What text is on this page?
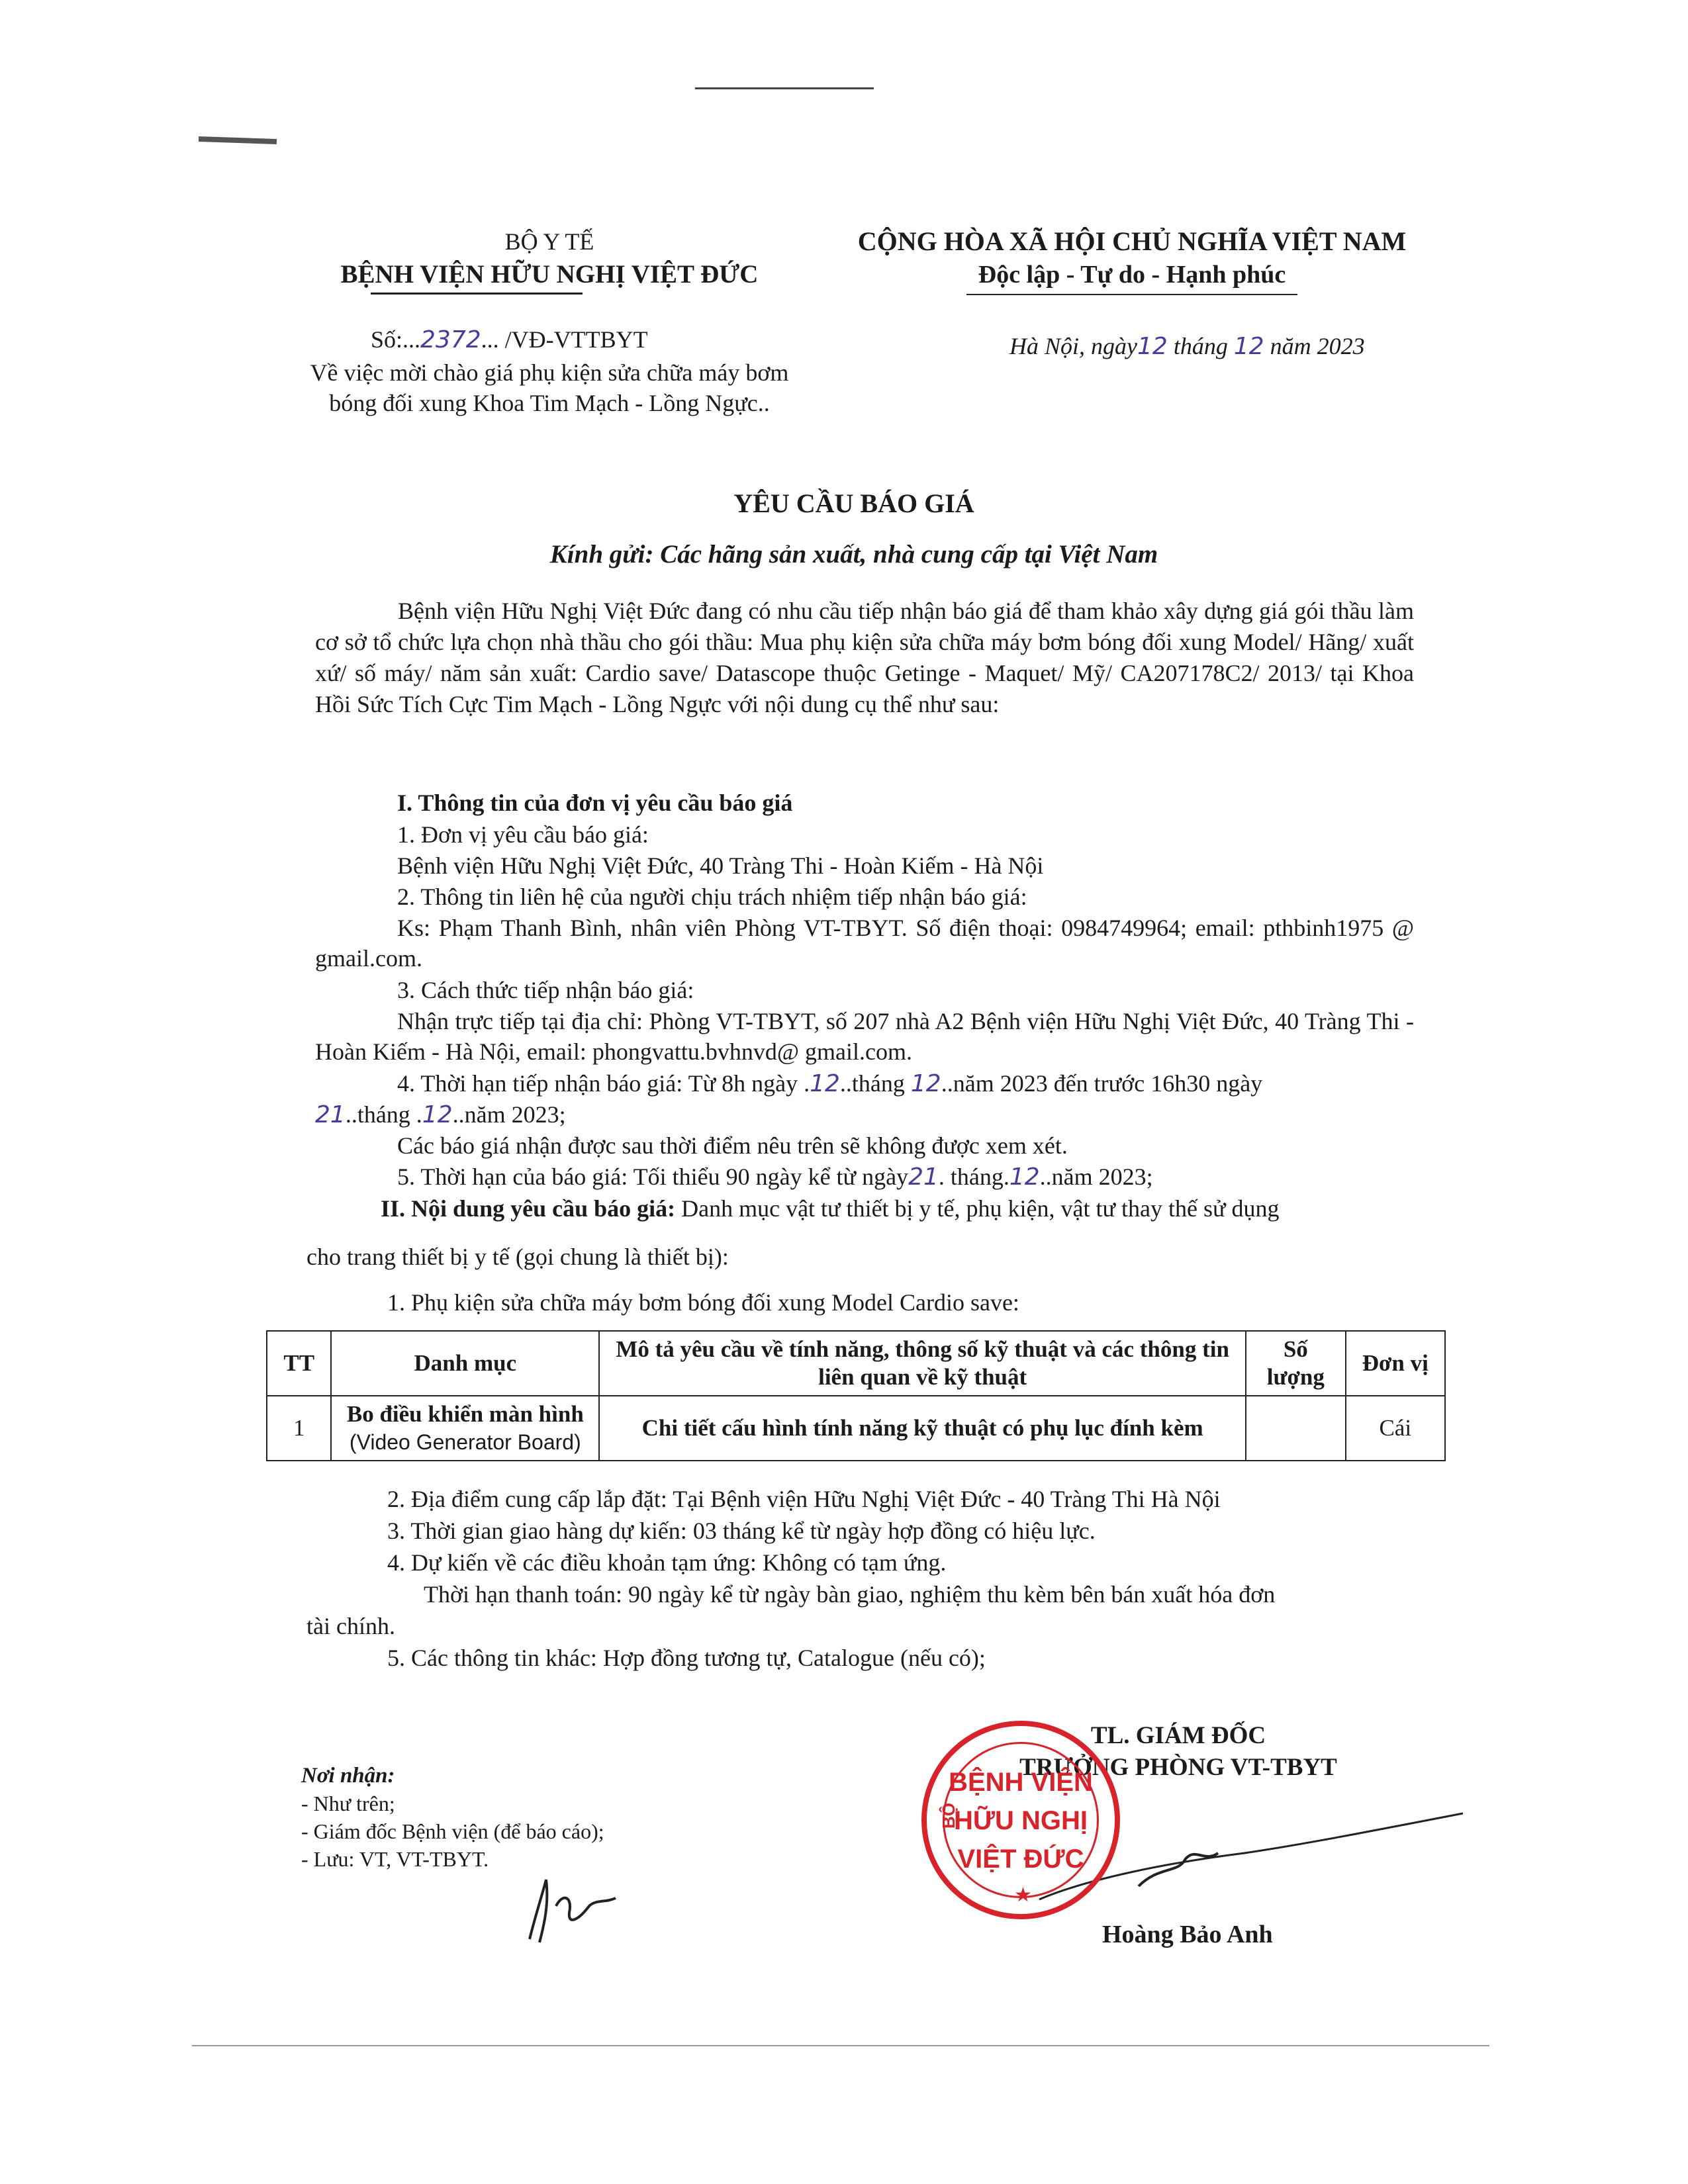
BỘ Y TẾ
BỆNH VIỆN HỮU NGHỊ VIỆT ĐỨC
Số:...2372... /VĐ-VTTBYT
Về việc mời chào giá phụ kiện sửa chữa máy bơm bóng đối xung Khoa Tim Mạch - Lồng Ngực..
CỘNG HÒA XÃ HỘI CHỦ NGHĨA VIỆT NAM
Độc lập - Tự do - Hạnh phúc
Hà Nội, ngày12 tháng 12 năm 2023
YÊU CẦU BÁO GIÁ
Kính gửi: Các hãng sản xuất, nhà cung cấp tại Việt Nam
Bệnh viện Hữu Nghị Việt Đức đang có nhu cầu tiếp nhận báo giá để tham khảo xây dựng giá gói thầu làm cơ sở tổ chức lựa chọn nhà thầu cho gói thầu: Mua phụ kiện sửa chữa máy bơm bóng đối xung Model/ Hãng/ xuất xứ/ số máy/ năm sản xuất: Cardio save/ Datascope thuộc Getinge - Maquet/ Mỹ/ CA207178C2/ 2013/ tại Khoa Hồi Sức Tích Cực Tim Mạch - Lồng Ngực với nội dung cụ thể như sau:
I. Thông tin của đơn vị yêu cầu báo giá
1. Đơn vị yêu cầu báo giá:
Bệnh viện Hữu Nghị Việt Đức, 40 Tràng Thi - Hoàn Kiếm - Hà Nội
2. Thông tin liên hệ của người chịu trách nhiệm tiếp nhận báo giá:
Ks: Phạm Thanh Bình, nhân viên Phòng VT-TBYT. Số điện thoại: 0984749964; email: pthbinh1975 @ gmail.com.
3. Cách thức tiếp nhận báo giá:
Nhận trực tiếp tại địa chỉ: Phòng VT-TBYT, số 207 nhà A2 Bệnh viện Hữu Nghị Việt Đức, 40 Tràng Thi - Hoàn Kiếm - Hà Nội, email: phongvattu.bvhnvd@ gmail.com.
4. Thời hạn tiếp nhận báo giá: Từ 8h ngày .12..tháng 12..năm 2023 đến trước 16h30 ngày
21..tháng .12..năm 2023;
Các báo giá nhận được sau thời điểm nêu trên sẽ không được xem xét.
5. Thời hạn của báo giá: Tối thiểu 90 ngày kể từ ngày21. tháng.12..năm 2023;
II. Nội dung yêu cầu báo giá: Danh mục vật tư thiết bị y tế, phụ kiện, vật tư thay thế sử dụng
cho trang thiết bị y tế (gọi chung là thiết bị):
1. Phụ kiện sửa chữa máy bơm bóng đối xung Model Cardio save:
TT	Danh mục	Mô tả yêu cầu về tính năng, thông số kỹ thuật và các thông tin liên quan về kỹ thuật	Số lượng	Đơn vị
1	Bo điều khiển màn hình
(Video Generator Board)	Chi tiết cấu hình tính năng kỹ thuật có phụ lục đính kèm		Cái
2. Địa điểm cung cấp lắp đặt: Tại Bệnh viện Hữu Nghị Việt Đức - 40 Tràng Thi Hà Nội
3. Thời gian giao hàng dự kiến: 03 tháng kể từ ngày hợp đồng có hiệu lực.
4. Dự kiến về các điều khoản tạm ứng: Không có tạm ứng.
Thời hạn thanh toán: 90 ngày kể từ ngày bàn giao, nghiệm thu kèm bên bán xuất hóa đơn
tài chính.
5. Các thông tin khác: Hợp đồng tương tự, Catalogue (nếu có);
Nơi nhận:
- Như trên;
- Giám đốc Bệnh viện (để báo cáo);
- Lưu: VT, VT-TBYT.
TL. GIÁM ĐỐC
TRƯỞNG PHÒNG VT-TBYT
Hoàng Bảo Anh
BỆNH VIỆN
HỮU NGHỊ
VIỆT ĐỨC
BỘ
★
